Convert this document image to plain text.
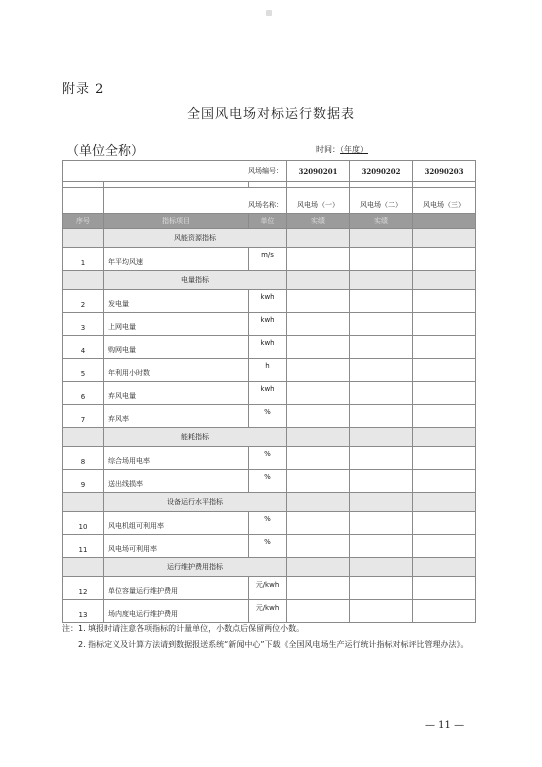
附录 2
全国风电场对标运行数据表
（单位全称）	时间：（年度）
风场编号：			32090201	32090202	32090203

	风场名称：		风电场（一）	风电场（二）	风电场（三）
序号	指标项目	单位	实绩	实绩	
	风能资源指标				
1	年平均风速	m/s			
	电量指标				
2	发电量	kwh			
3	上网电量	kwh			
4	购网电量	kwh			
5	年利用小时数	h			
6	弃风电量	kwh			
7	弃风率	%			
	能耗指标				
8	综合场用电率	%			
9	送出线损率	%			
	设备运行水平指标				
10	风电机组可利用率	%			
11	风电场可利用率	%			
	运行维护费用指标				
12	单位容量运行维护费用	元/kwh			
13	场内度电运行维护费用	元/kwh			

注：1. 填报时请注意各项指标的计量单位，小数点后保留两位小数。

2. 指标定义及计算方法请到数据报送系统“新闻中心”下载《全国风电场生产运行统计指标对标评比管理办法》。

— 11 —
